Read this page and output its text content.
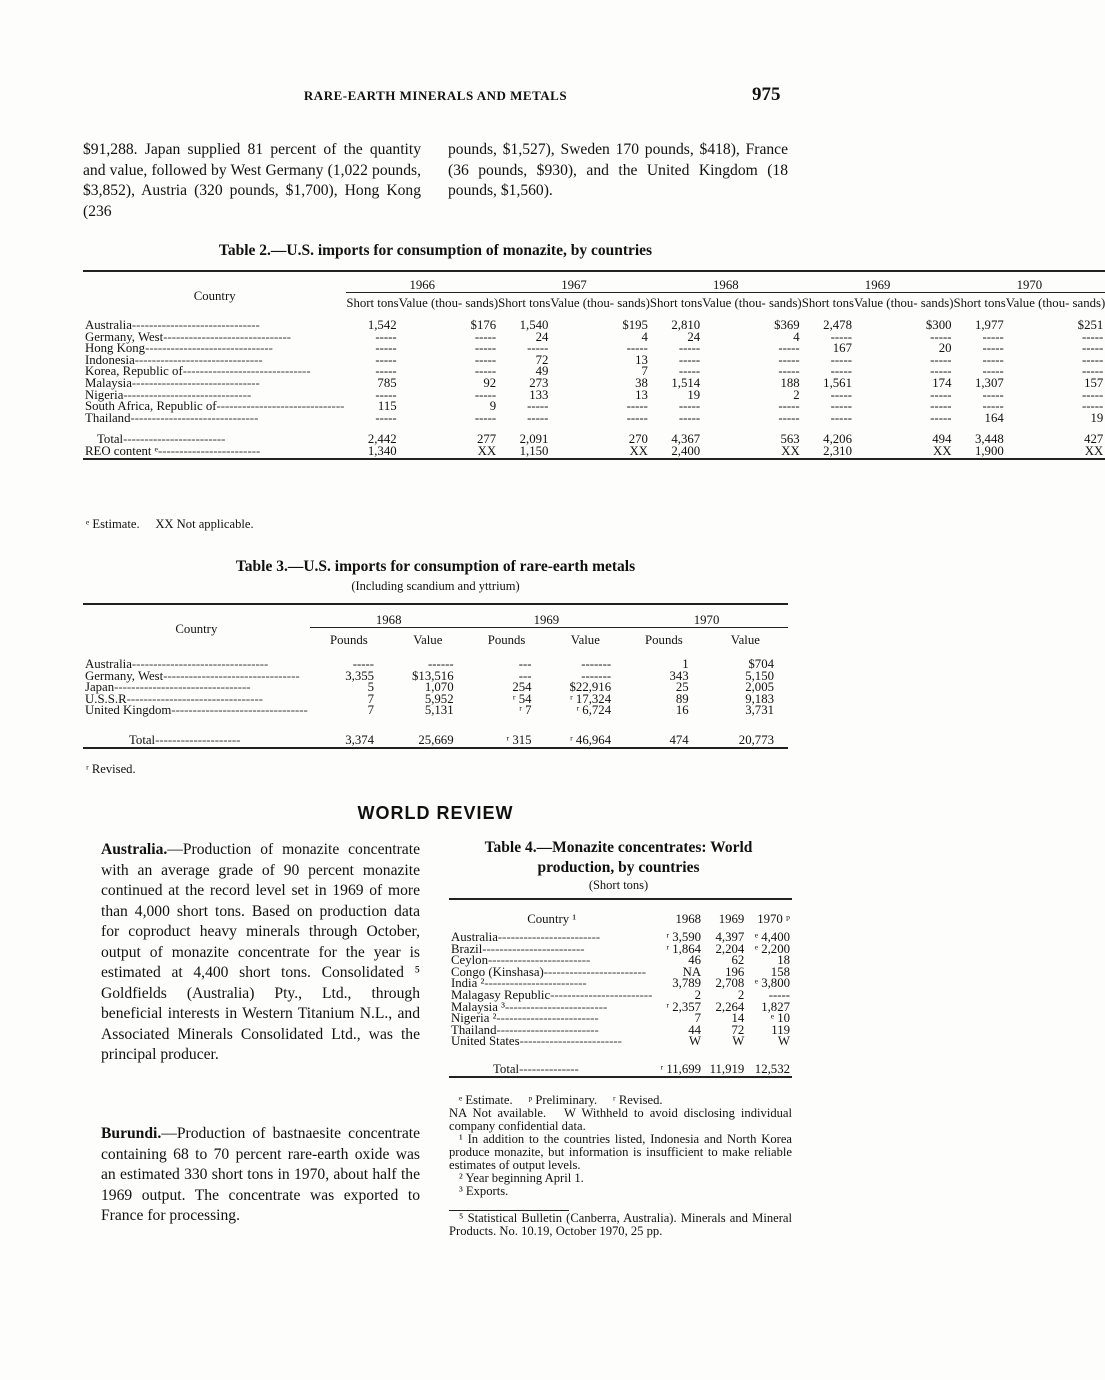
RARE-EARTH MINERALS AND METALS	975

$91,288. Japan supplied 81 percent of the quantity and value, followed by West Germany (1,022 pounds, $3,852), Austria (320 pounds, $1,700), Hong Kong (236

pounds, $1,527), Sweden 170 pounds, $418), France (36 pounds, $930), and the United Kingdom (18 pounds, $1,560).

Table 2.—U.S. imports for consumption of monazite, by countries
Country	1966		1967		1968		1969		1970	
	Short tons	Value (thou- sands)	Short tons	Value (thou- sands)	Short tons	Value (thou- sands)	Short tons	Value (thou- sands)	Short tons	Value (thou- sands)
Australia------------------------------	1,542	$176	1,540	$195	2,810	$369	2,478	$300	1,977	$251
Germany, West------------------------------	-----	-----	24	4	24	4	-----	-----	-----	-----
Hong Kong------------------------------	-----	-----	-----	-----	-----	-----	167	20	-----	-----
Indonesia------------------------------	-----	-----	72	13	-----	-----	-----	-----	-----	-----
Korea, Republic of------------------------------	-----	-----	49	7	-----	-----	-----	-----	-----	-----
Malaysia------------------------------	785	92	273	38	1,514	188	1,561	174	1,307	157
Nigeria------------------------------	-----	-----	133	13	19	2	-----	-----	-----	-----
South Africa, Republic of------------------------------	115	9	-----	-----	-----	-----	-----	-----	-----	-----
Thailand------------------------------	-----	-----	-----	-----	-----	-----	-----	-----	164	19
Total------------------------	2,442	277	2,091	270	4,367	563	4,206	494	3,448	427
REO content ᵉ------------------------	1,340	XX	1,150	XX	2,400	XX	2,310	XX	1,900	XX
ᵉ Estimate.     XX Not applicable.
Table 3.—U.S. imports for consumption of rare-earth metals
(Including scandium and yttrium)
Country	1968		1969		1970	
	Pounds	Value	Pounds	Value	Pounds	Value
Australia--------------------------------	-----	------	---	-------	1	$704
Germany, West--------------------------------	3,355	$13,516	---	-------	343	5,150
Japan--------------------------------	5	1,070	254	$22,916	25	2,005
U.S.S.R--------------------------------	7	5,952	ʳ 54	ʳ 17,324	89	9,183
United Kingdom--------------------------------	7	5,131	ʳ 7	ʳ 6,724	16	3,731
Total--------------------	3,374	25,669	ʳ 315	ʳ 46,964	474	20,773
ʳ Revised.
WORLD REVIEW

Australia.—Production of monazite concentrate with an average grade of 90 percent monazite continued at the record level set in 1969 of more than 4,000 short tons. Based on production data for coproduct heavy minerals through October, output of monazite concentrate for the year is estimated at 4,400 short tons. Consolidated ⁵ Goldfields (Australia) Pty., Ltd., through beneficial interests in Western Titanium N.L., and Associated Minerals Consolidated Ltd., was the principal producer.

Burundi.—Production of bastnaesite concentrate containing 68 to 70 percent rare-earth oxide was an estimated 330 short tons in 1970, about half the 1969 output. The concentrate was exported to France for processing.

Table 4.—Monazite concentrates: World production, by countries
(Short tons)
Country ¹	1968	1969	1970 ᵖ
Australia------------------------	ʳ 3,590	4,397	ᵉ 4,400
Brazil------------------------	ʳ 1,864	2,204	ᵉ 2,200
Ceylon------------------------	46	62	18
Congo (Kinshasa)------------------------	NA	196	158
India ²------------------------	3,789	2,708	ᵉ 3,800
Malagasy Republic------------------------	2	2	-----
Malaysia ³------------------------	ʳ 2,357	2,264	1,827
Nigeria ²------------------------	7	14	ᵉ 10
Thailand------------------------	44	72	119
United States------------------------	W	W	W
Total--------------	ʳ 11,699	11,919	12,532
ᵉ Estimate.     ᵖ Preliminary.     ʳ Revised.
NA Not available.   W Withheld to avoid disclosing individual company confidential data.
¹ In addition to the countries listed, Indonesia and North Korea produce monazite, but information is insufficient to make reliable estimates of output levels.
² Year beginning April 1.
³ Exports.
⁵ Statistical Bulletin (Canberra, Australia). Minerals and Mineral Products. No. 10.19, October 1970, 25 pp.
